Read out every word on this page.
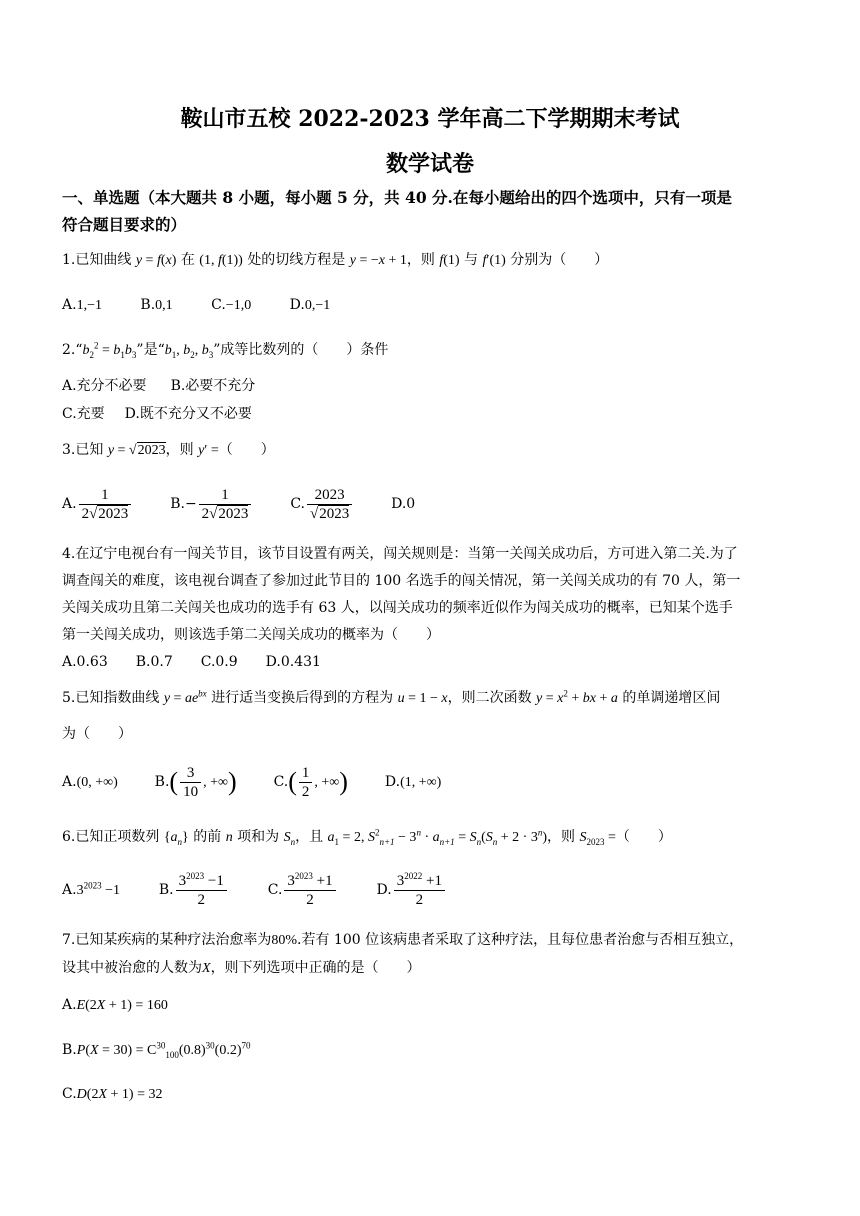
鞍山市五校 2022-2023 学年高二下学期期末考试
数学试卷
一、单选题（本大题共 8 小题，每小题 5 分，共 40 分.在每小题给出的四个选项中，只有一项是
符合题目要求的）
1.已知曲线 y = f(x) 在 (1, f(1)) 处的切线方程是 y = −x + 1，则 f(1) 与 f′(1) 分别为（　　）
A.1,−1	B.0,1	C.−1,0	D.0,−1
$2.“b_2^2 = b_1b_3$”是“$b_1$, $b_2$, $b_3$”成等比数列的（　　）条件
A.充分不必要 B.必要不充分
C.充要 D.既不充分又不必要
3.已知 y = √2023，则 y′ =（　　）
A. $\frac{1}{2√2023}$	$B.- \frac{1}{2√2023}$	C. $\frac{2023}{√2023}$	D.0
4.在辽宁电视台有一闯关节目，该节目设置有两关，闯关规则是：当第一关闯关成功后，方可进入第二关.为了
调查闯关的难度，该电视台调查了参加过此节目的 100 名选手的闯关情况，第一关闯关成功的有 70 人，第一
关闯关成功且第二关闯关也成功的选手有 63 人，以闯关成功的频率近似作为闯关成功的概率，已知某个选手
第一关闯关成功，则该选手第二关闯关成功的概率为（　　）
A.0.63　　B.0.7　　C.0.9　　D.0.431
5.已知指数曲线 $y = ae^{bx}$ 进行适当变换后得到的方程为 u = 1 − x，则二次函数 $y = x^2$ + bx + a 的单调递增区间
为（　　）
A.(0, +∞)	$B.( \frac{3}{10}$ , +∞)	$C.( \frac{1}{2}$ , +∞)	D.(1, +∞)
6.已知正项数列 $\{a_n\}$ 的前 n 项和为 $S_n$，且 $a_1 = 2$, $S^2_{n+1} - 3^n \cdot a_{n+1} = S_n(S_n + 2 \cdot 3^n)$，则 $S_{2023}$ =（　　）
$A.3^{2023} -1$	B. $\frac{3^{2023} -1}{2}$	C. $\frac{3^{2023} +1}{2}$	D. $\frac{3^{2022} +1}{2}$
7.已知某疾病的某种疗法治愈率为80%.若有 100 位该病患者采取了这种疗法，且每位患者治愈与否相互独立，
设其中被治愈的人数为X，则下列选项中正确的是（　　）
A.E(2X + 1) = 160
$B.P(X = 30) = C^{30}_{100}(0.8)^{30}(0.2)^{70}$
C.D(2X + 1) = 32
